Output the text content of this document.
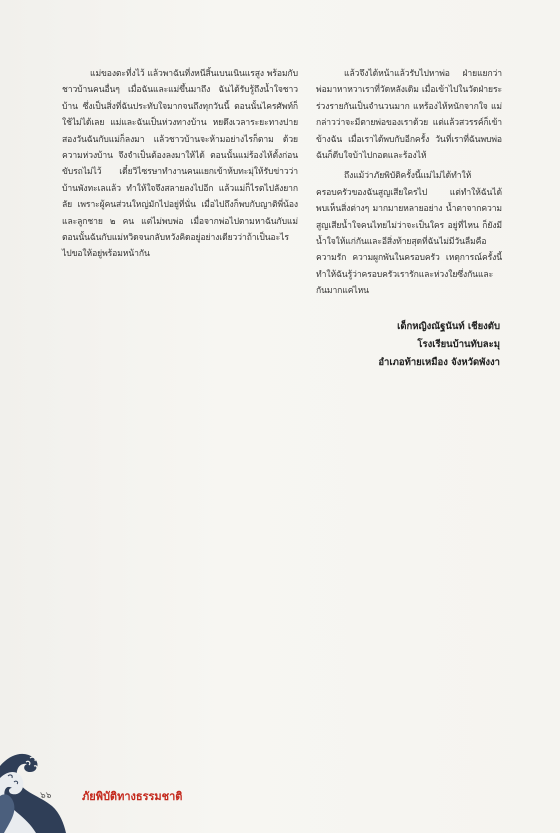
แม่ของตะที่งไว้ แล้วพาฉันที่งหนีสิ้นเบนเนินแรสูง พร้อมกับชาวบ้านคนอื่นๆ เมื่อฉันและแม่ขึ้นมาถึง ฉันได้รับรู้ถึงน้ำใจชาวบ้าน ซึ่งเป็นสิ่งที่ฉันประทับใจมากจนถึงทุกวันนี้ ตอนนั้นไครศัพท์ก็ใช้ไม่ได้เลย แม่และฉันเป็นห่วงทางบ้าน หยดึงเวลาระยะทางปายสองวันฉันกับแม่ก็ลงมา แล้วชาวบ้านจะห้ามอย่างไรก็ตาม ด้วยความห่วงบ้าน จึงจำเป็นต้องลงมาให้ได้ ตอนนั้นแม่ร้องไห้ตั้งก่อนขับรถไม่ไว้ เดี๋ยวิไซรษาทำงานคนแยกเข้าห้บทะมุ่ให้รับข่าวว่าบ้านพังทะเลแล้ว ทำให้ใจจึงสลายลงไปอีก แล้วแม่ก็ไรตไปลังยากลัย เพราะผู้คนส่วนใหญ่มักไปอยู่ที่นั่น เมื่อไปถึงก็พบกับญาติพี่น้องและลูกชาย ๒ คน แต่ไม่พบพ่อ เมื่อจากพ่อไปตามหาฉันกับแม่ ตอนนั้นฉันกับแม่หวิดจนกลับหวังคิดอยู่อย่างเดียวว่าถ้าเป็นอะไรไปขอให้อยู่พร้อมหน้ากัน

แล้วจึงได้หน้าแล้วรับไปหาพ่อ ฝ่ายแยกว่าพ่อมาหาหวาเราที่วัดหลังเดิม เมื่อเข้าไปในวัดฝ่ายระร่วงรายกันเป็นจำนวนมาก แหร้องไห้หนักจากใจ แม่กล่าวว่าจะมีตายพ่อของเราด้วย แต่แล้วสวรรค์ก็เข้าข้างฉัน เมื่อเราได้พบกับอีกครั้ง วันที่เราที่ฉันพบพ่อฉันก็ดีบใจบ้าไปกอดและร้องไห้

ถึงแม้ว่าภัยพิบัติครั้งนี้แม่ไม่ได้ทำให้ครอบครัวของฉันสูญเสียใครไป แต่ทำให้ฉันได้พบเห็นสิ่งต่างๆ มากมายหลายอย่าง น้ำตาจากความสูญเสียน้ำใจคนไทยไม่ว่าจะเป็นใคร อยู่ที่ไหน ก็ยังมีน้ำใจให้แก่กันและอีสิ่งท้ายสุดที่ฉันไม่มีวันลืมคือ ความรัก ความผูกพันในครอบครัว เหตุการณ์ครั้งนี้ทำให้ฉันรู้ว่าครอบครัวเรารักและห่วงใยซึ่งกันและกันมากแค่ไหน

เด็กหญิงณัฐนันท์ เชียงตับ
โรงเรียนบ้านทับละมุ
อำเภอท้ายเหมือง จังหวัดพังงา
๖๖	ภัยพิบัติทางธรรมชาติ
